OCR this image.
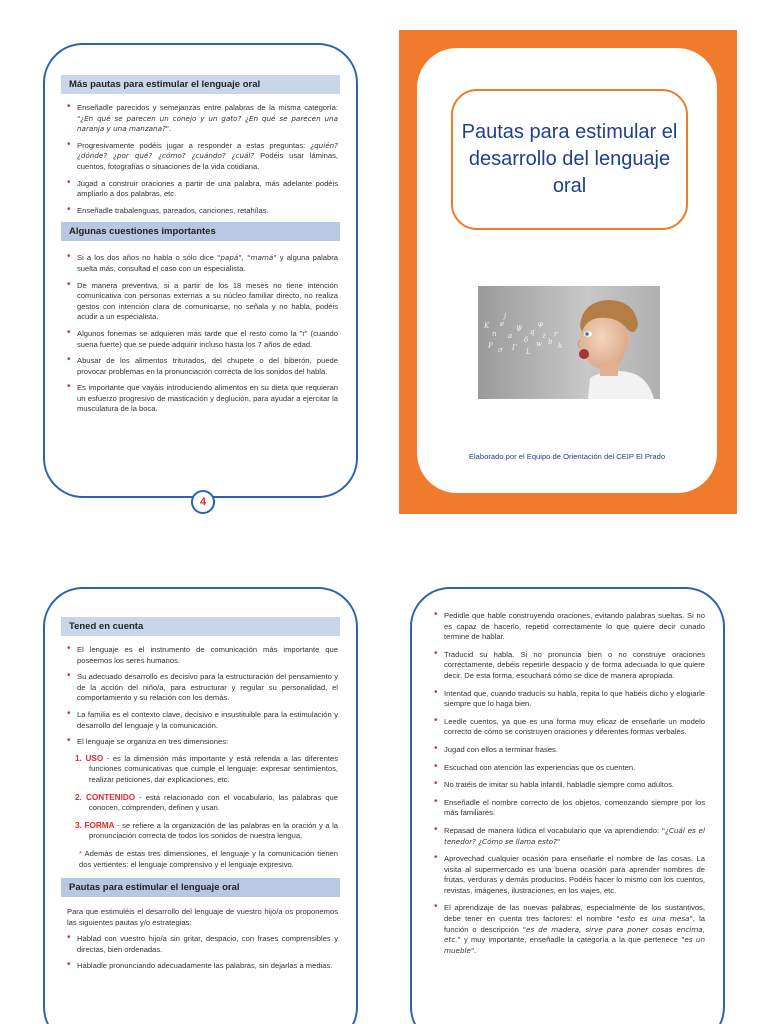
Más pautas para estimular el lenguaje oral
• Enseñadle parecidos y semejanzas entre palabras de la misma categoría: "¿En qué se parecen un conejo y un gato? ¿En qué se parecen una naranja y una manzana?".
• Progresivamente podéis jugar a responder a estas preguntas: ¿quién? ¿dónde? ¿por qué? ¿cómo? ¿cuándo? ¿cuál? Podéis usar láminas, cuentos, fotografías o situaciones de la vida cotidiana.
• Jugad a construir oraciones a partir de una palabra, más adelante podéis ampliarlo a dos palabras, etc.
• Enseñadle trabalenguas, pareados, canciones, retahílas.
Algunas cuestiones importantes
• Si a los dos años no habla o sólo dice "papá", "mamá" y alguna palabra suelta más, consultad el caso con un especialista.
• De manera preventiva, si a partir de los 18 meses no tiene intención comunicativa con personas externas a su núcleo familiar directo, no realiza gestos con intención clara de comunicarse, no señala y no habla, podéis acudir a un especialista.
• Algunos fonemas se adquieren más tarde que el resto como la "r" (cuando suena fuerte) que se puede adquirir incluso hasta los 7 años de edad.
• Abusar de los alimentos triturados, del chupete o del biberón, puede provocar problemas en la pronunciación correcta de los sonidos del habla.
• Es importante que vayáis introduciendo alimentos en su dieta que requieran un esfuerzo progresivo de masticación y deglución, para ayudar a ejercitar la musculatura de la boca.
4
Pautas para estimular el desarrollo del lenguaje oral
K
n
e
a
Ψ
δ
P σ Γ
q
w
z
b
r
L
k
j
φ
Elaborado por el Equipo de Orientación del CEIP El Prado
Tened en cuenta
• El lenguaje es el instrumento de comunicación más importante que poseemos los seres humanos.
• Su adecuado desarrollo es decisivo para la estructuración del pensamiento y de la acción del niño/a, para estructurar y regular su personalidad, el comportamiento y su relación con los demás.
• La familia es el contexto clave, decisivo e insustituible para la estimulación y desarrollo del lenguaje y la comunicación.
• El lenguaje se organiza en tres dimensiones:
1. USO - es la dimensión más importante y está referida a las diferentes funciones comunicativas que cumple el lenguaje: expresar sentimientos, realizar peticiones, dar explicaciones, etc.
2. CONTENIDO - está relacionado con el vocabulario, las palabras que conocen, comprenden, definen y usan.
3. FORMA - se refiere a la organización de las palabras en la oración y a la pronunciación correcta de todos los sonidos de nuestra lengua.

* Además de estas tres dimensiones, el lenguaje y la comunicación tienen dos vertientes: el lenguaje comprensivo y el lenguaje expresivo.

Pautas para estimular el lenguaje oral

Para que estimuléis el desarrollo del lenguaje de vuestro hijo/a os proponemos las siguientes pautas y/o estrategias:

• Hablad con vuestro hijo/a sin gritar, despacio, con frases comprensibles y directas, bien ordenadas.
• Habladle pronunciando adecuadamente las palabras, sin dejarlas a medias.
• Pedidle que hable construyendo oraciones, evitando palabras sueltas. Si no es capaz de hacerlo, repetid correctamente lo que quiere decir cunado termine de hablar.
• Traducid su habla. Si no pronuncia bien o no construye oraciones correctamente, debéis repetirle despacio y de forma adecuada lo que quiere decir. De esta forma, escuchará cómo se dice de manera apropiada.
• Intentad que, cuando traducís su habla, repita lo que habéis dicho y elogiarle siempre que lo haga bien.
• Leedle cuentos, ya que es una forma muy eficaz de enseñarle un modelo correcto de cómo se construyen oraciones y diferentes formas verbales.
• Jugad con ellos a terminar frases.
• Escuchad con atención las experiencias que os cuenten.
• No tratéis de imitar su habla infantil, habladle siempre como adultos.
• Enseñadle el nombre correcto de los objetos, comenzando siempre por los más familiares.
• Repasad de manera lúdica el vocabulario que va aprendiendo: "¿Cuál es el tenedor? ¿Cómo se llama esto?"
• Aprovechad cualquier ocasión para enseñarle el nombre de las cosas. La visita al supermercado es una buena ocasión para aprender nombres de frutas, verduras y demás productos. Podéis hacer lo mismo con los cuentos, revistas, imágenes, ilustraciones, en los viajes, etc.
• El aprendizaje de las nuevas palabras, especialmente de los sustantivos, debe tener en cuenta tres factores: el nombre "esto es una mesa", la función o descripción "es de madera, sirve para poner cosas encima, etc." y muy importante, enseñadle la categoría a la que pertenece "es un mueble".
